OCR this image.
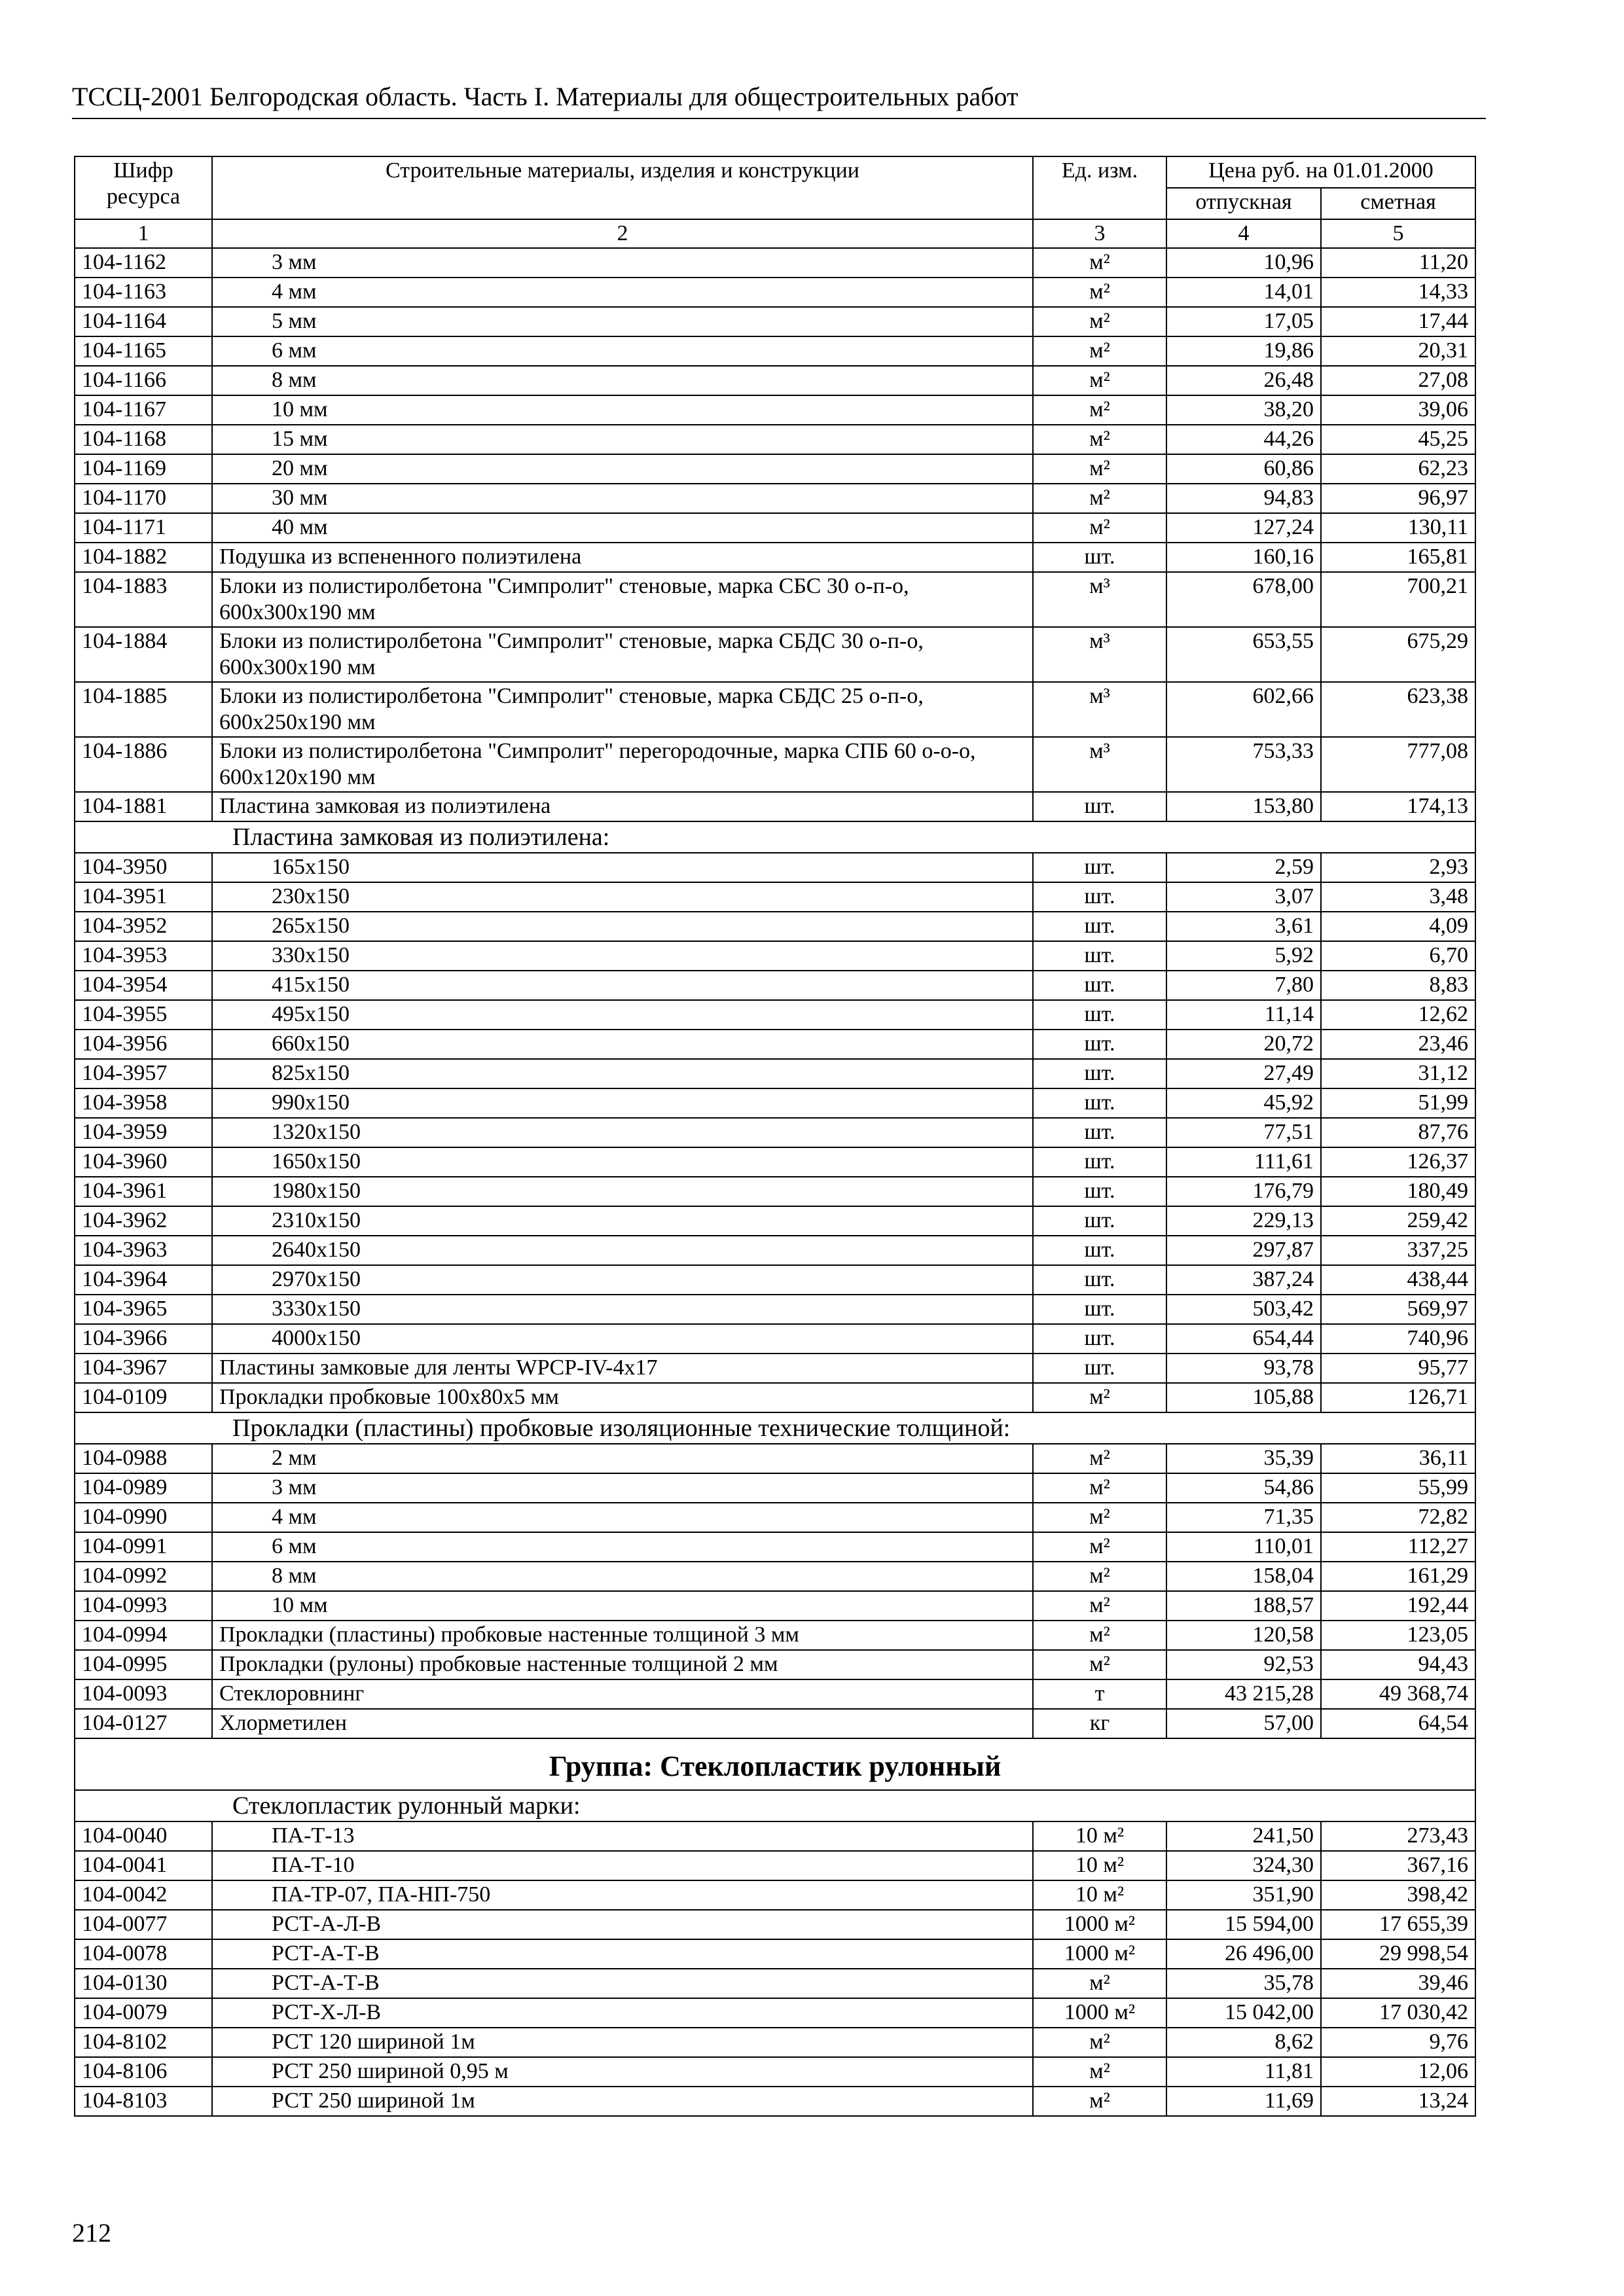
ТССЦ-2001 Белгородская область. Часть I. Материалы для общестроительных работ
Шифр ресурса	Строительные материалы, изделия и конструкции	Ед. изм.	Цена руб. на 01.01.2000	
			отпускная	сметная
1	2	3	4	5
104-1162	3 мм	м²	10,96	11,20
104-1163	4 мм	м²	14,01	14,33
104-1164	5 мм	м²	17,05	17,44
104-1165	6 мм	м²	19,86	20,31
104-1166	8 мм	м²	26,48	27,08
104-1167	10 мм	м²	38,20	39,06
104-1168	15 мм	м²	44,26	45,25
104-1169	20 мм	м²	60,86	62,23
104-1170	30 мм	м²	94,83	96,97
104-1171	40 мм	м²	127,24	130,11
104-1882	Подушка из вспененного полиэтилена	шт.	160,16	165,81
104-1883	Блоки из полистиролбетона "Симпролит" стеновые, марка СБС 30 о-п-о, 600x300x190 мм	м³	678,00	700,21
104-1884	Блоки из полистиролбетона "Симпролит" стеновые, марка СБДС 30 о-п-о, 600x300x190 мм	м³	653,55	675,29
104-1885	Блоки из полистиролбетона "Симпролит" стеновые, марка СБДС 25 о-п-о, 600x250x190 мм	м³	602,66	623,38
104-1886	Блоки из полистиролбетона "Симпролит" перегородочные, марка СПБ 60 о-о-о, 600x120x190 мм	м³	753,33	777,08
104-1881	Пластина замковая из полиэтилена	шт.	153,80	174,13
Пластина замковая из полиэтилена:				
104-3950	165x150	шт.	2,59	2,93
104-3951	230x150	шт.	3,07	3,48
104-3952	265x150	шт.	3,61	4,09
104-3953	330x150	шт.	5,92	6,70
104-3954	415x150	шт.	7,80	8,83
104-3955	495x150	шт.	11,14	12,62
104-3956	660x150	шт.	20,72	23,46
104-3957	825x150	шт.	27,49	31,12
104-3958	990x150	шт.	45,92	51,99
104-3959	1320x150	шт.	77,51	87,76
104-3960	1650x150	шт.	111,61	126,37
104-3961	1980x150	шт.	176,79	180,49
104-3962	2310x150	шт.	229,13	259,42
104-3963	2640x150	шт.	297,87	337,25
104-3964	2970x150	шт.	387,24	438,44
104-3965	3330x150	шт.	503,42	569,97
104-3966	4000x150	шт.	654,44	740,96
104-3967	Пластины замковые для ленты WPCP-IV-4x17	шт.	93,78	95,77
104-0109	Прокладки пробковые 100x80x5 мм	м²	105,88	126,71
Прокладки (пластины) пробковые изоляционные технические толщиной:				
104-0988	2 мм	м²	35,39	36,11
104-0989	3 мм	м²	54,86	55,99
104-0990	4 мм	м²	71,35	72,82
104-0991	6 мм	м²	110,01	112,27
104-0992	8 мм	м²	158,04	161,29
104-0993	10 мм	м²	188,57	192,44
104-0994	Прокладки (пластины) пробковые настенные толщиной 3 мм	м²	120,58	123,05
104-0995	Прокладки (рулоны) пробковые настенные толщиной 2 мм	м²	92,53	94,43
104-0093	Стеклоровнинг	т	43 215,28	49 368,74
104-0127	Хлорметилен	кг	57,00	64,54
Группа: Стеклопластик рулонный				
Стеклопластик рулонный марки:				
104-0040	ПА-Т-13	10 м²	241,50	273,43
104-0041	ПА-Т-10	10 м²	324,30	367,16
104-0042	ПА-ТР-07, ПА-НП-750	10 м²	351,90	398,42
104-0077	РСТ-А-Л-В	1000 м²	15 594,00	17 655,39
104-0078	РСТ-А-Т-В	1000 м²	26 496,00	29 998,54
104-0130	РСТ-А-Т-В	м²	35,78	39,46
104-0079	РСТ-Х-Л-В	1000 м²	15 042,00	17 030,42
104-8102	РСТ 120 шириной 1м	м²	8,62	9,76
104-8106	РСТ 250 шириной 0,95 м	м²	11,81	12,06
104-8103	РСТ 250 шириной 1м	м²	11,69	13,24
212
